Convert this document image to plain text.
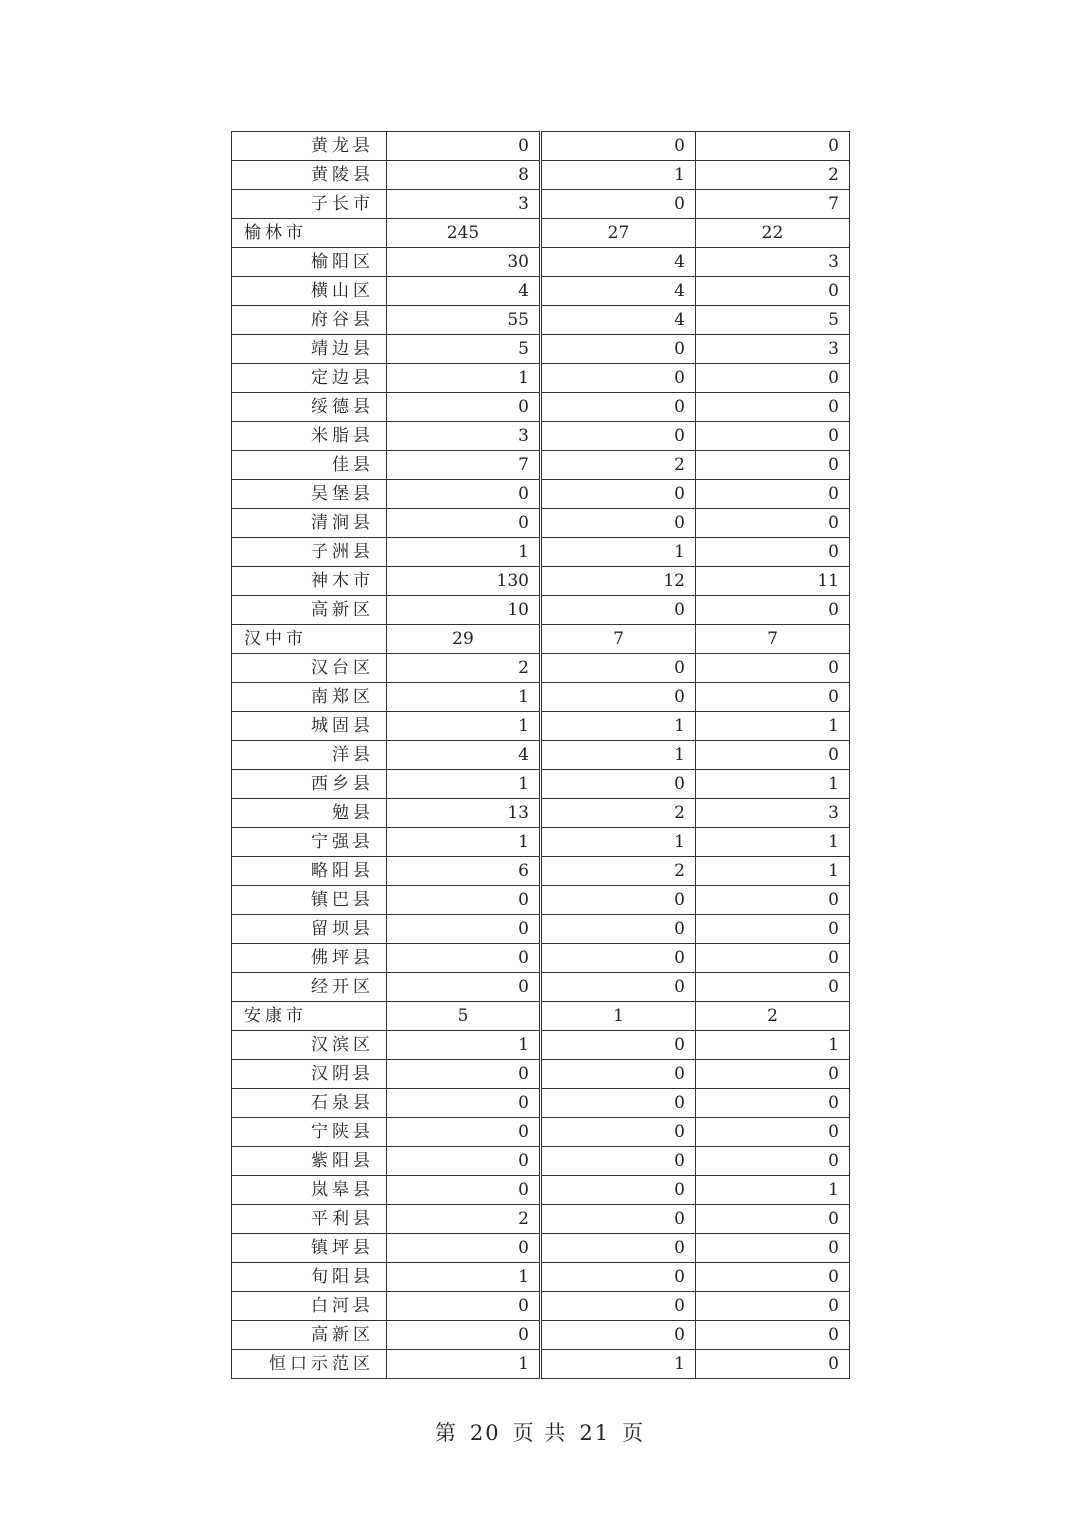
黄龙县	0	0	0
黄陵县	8	1	2
子长市	3	0	7
榆林市	245	27	22
榆阳区	30	4	3
横山区	4	4	0
府谷县	55	4	5
靖边县	5	0	3
定边县	1	0	0
绥德县	0	0	0
米脂县	3	0	0
佳县	7	2	0
吴堡县	0	0	0
清涧县	0	0	0
子洲县	1	1	0
神木市	130	12	11
高新区	10	0	0
汉中市	29	7	7
汉台区	2	0	0
南郑区	1	0	0
城固县	1	1	1
洋县	4	1	0
西乡县	1	0	1
勉县	13	2	3
宁强县	1	1	1
略阳县	6	2	1
镇巴县	0	0	0
留坝县	0	0	0
佛坪县	0	0	0
经开区	0	0	0
安康市	5	1	2
汉滨区	1	0	1
汉阴县	0	0	0
石泉县	0	0	0
宁陕县	0	0	0
紫阳县	0	0	0
岚皋县	0	0	1
平利县	2	0	0
镇坪县	0	0	0
旬阳县	1	0	0
白河县	0	0	0
高新区	0	0	0
恒口示范区	1	1	0
第 20 页 共 21 页
